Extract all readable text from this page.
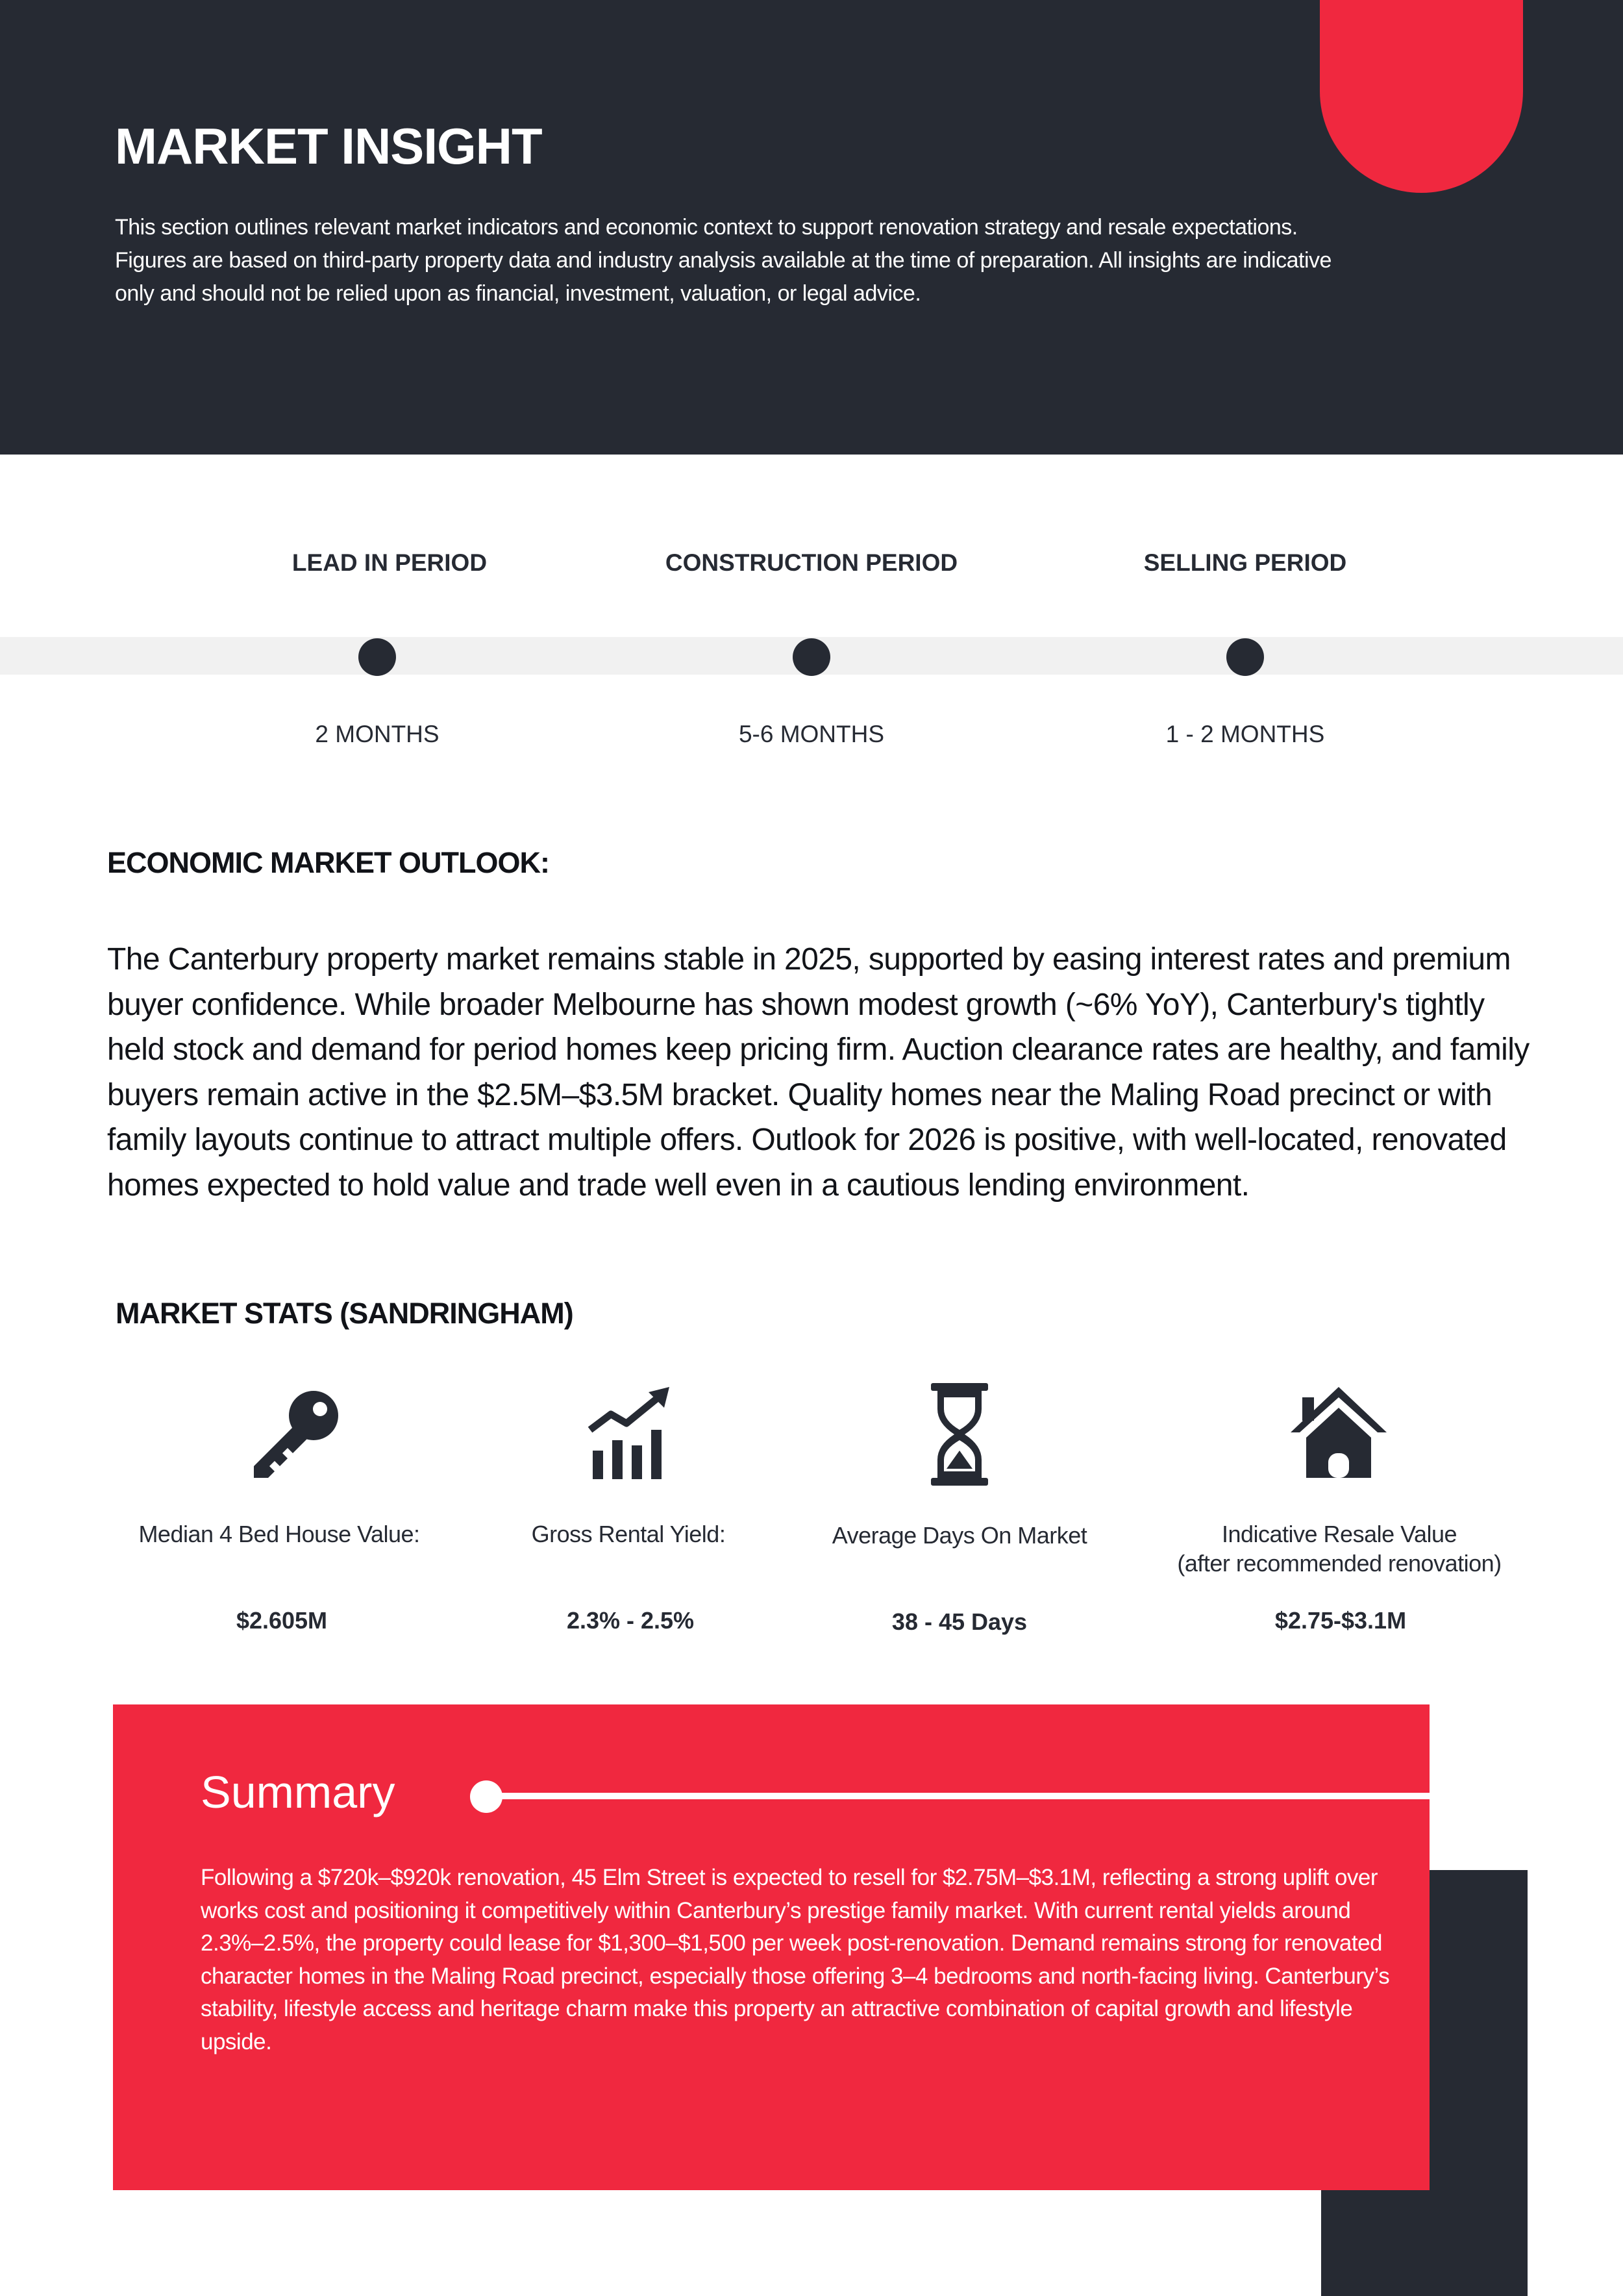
MARKET INSIGHT

This section outlines relevant market indicators and economic context to support renovation strategy and resale expectations. Figures are based on third-party property data and industry analysis available at the time of preparation. All insights are indicative only and should not be relied upon as financial, investment, valuation, or legal advice.

LEAD IN PERIOD	CONSTRUCTION PERIOD	SELLING PERIOD
2 MONTHS	5-6 MONTHS	1 - 2 MONTHS
ECONOMIC MARKET OUTLOOK:

The Canterbury property market remains stable in 2025, supported by easing interest rates and premium buyer confidence. While broader Melbourne has shown modest growth (~6% YoY), Canterbury's tightly held stock and demand for period homes keep pricing firm. Auction clearance rates are healthy, and family buyers remain active in the $2.5M–$3.5M bracket. Quality homes near the Maling Road precinct or with family layouts continue to attract multiple offers. Outlook for 2026 is positive, with well-located, renovated homes expected to hold value and trade well even in a cautious lending environment.

MARKET STATS (SANDRINGHAM)
Median 4 Bed House Value:	Gross Rental Yield:	Average Days On Market	Indicative Resale Value
(after recommended renovation)
$2.605M	2.3% - 2.5%	38 - 45 Days	$2.75-$3.1M
Summary

Following a $720k–$920k renovation, 45 Elm Street is expected to resell for $2.75M–$3.1M, reflecting a strong uplift over works cost and positioning it competitively within Canterbury’s prestige family market. With current rental yields around 2.3%–2.5%, the property could lease for $1,300–$1,500 per week post-renovation. Demand remains strong for renovated character homes in the Maling Road precinct, especially those offering 3–4 bedrooms and north-facing living. Canterbury’s stability, lifestyle access and heritage charm make this property an attractive combination of capital growth and lifestyle upside.
